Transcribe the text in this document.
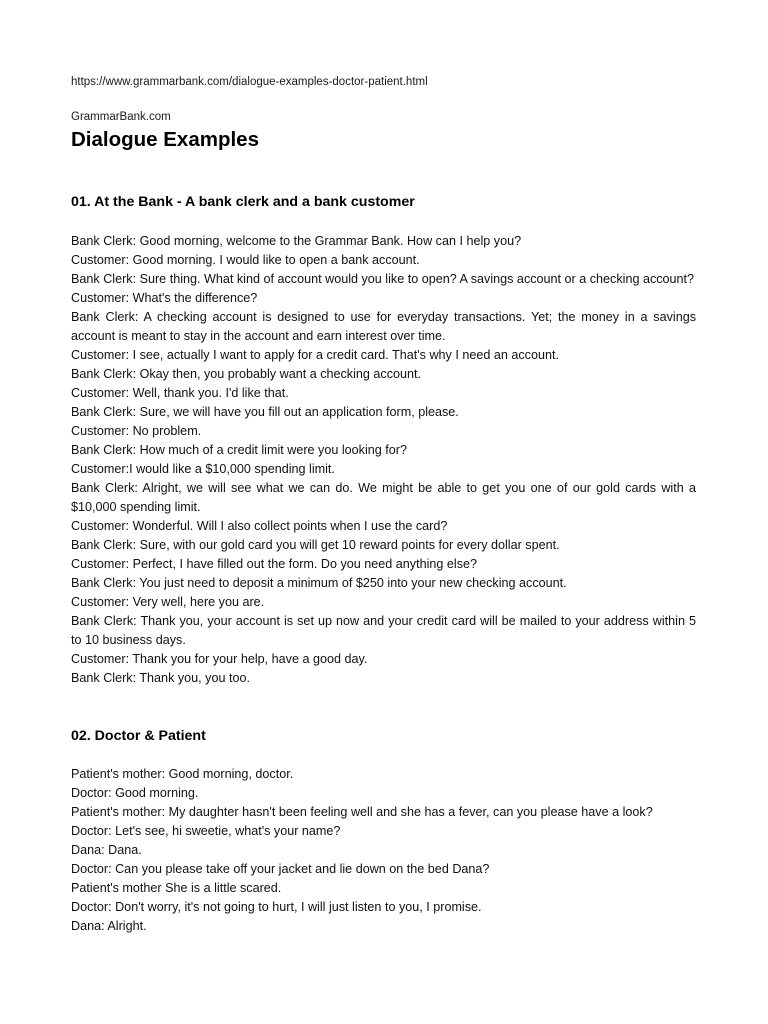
https://www.grammarbank.com/dialogue-examples-doctor-patient.html
GrammarBank.com
Dialogue Examples
01. At the Bank - A bank clerk and a bank customer
Bank Clerk: Good morning, welcome to the Grammar Bank. How can I help you?
Customer: Good morning. I would like to open a bank account.
Bank Clerk: Sure thing. What kind of account would you like to open? A savings account or a checking account?
Customer: What's the difference?
Bank Clerk: A checking account is designed to use for everyday transactions. Yet; the money in a savings account is meant to stay in the account and earn interest over time.
Customer: I see, actually I want to apply for a credit card. That's why I need an account.
Bank Clerk: Okay then, you probably want a checking account.
Customer: Well, thank you. I'd like that.
Bank Clerk: Sure, we will have you fill out an application form, please.
Customer: No problem.
Bank Clerk: How much of a credit limit were you looking for?
Customer:I would like a $10,000 spending limit.
Bank Clerk: Alright, we will see what we can do. We might be able to get you one of our gold cards with a $10,000 spending limit.
Customer: Wonderful. Will I also collect points when I use the card?
Bank Clerk: Sure, with our gold card you will get 10 reward points for every dollar spent.
Customer: Perfect, I have filled out the form. Do you need anything else?
Bank Clerk: You just need to deposit a minimum of $250 into your new checking account.
Customer: Very well, here you are.
Bank Clerk: Thank you, your account is set up now and your credit card will be mailed to your address within 5 to 10 business days.
Customer: Thank you for your help, have a good day.
Bank Clerk: Thank you, you too.
02. Doctor & Patient
Patient's mother: Good morning, doctor.
Doctor: Good morning.
Patient's mother: My daughter hasn't been feeling well and she has a fever, can you please have a look?
Doctor: Let's see, hi sweetie, what's your name?
Dana: Dana.
Doctor: Can you please take off your jacket and lie down on the bed Dana?
Patient's mother She is a little scared.
Doctor: Don't worry, it's not going to hurt, I will just listen to you, I promise.
Dana: Alright.
